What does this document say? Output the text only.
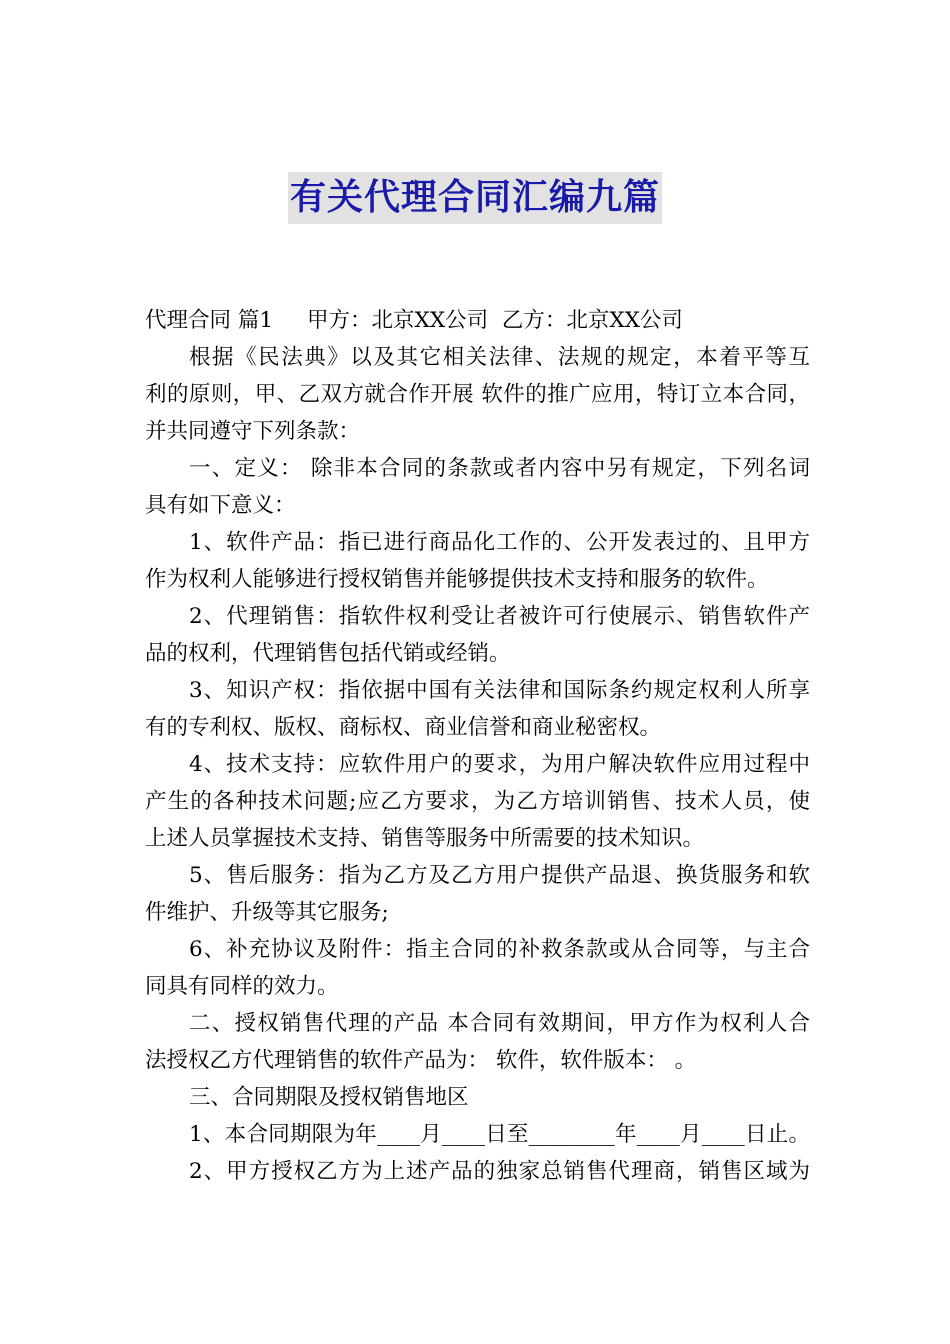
有关代理合同汇编九篇
代理合同 篇1 甲方：北京XX公司 乙方：北京XX公司
根据《民法典》以及其它相关法律、法规的规定，本着平等互
利的原则，甲、乙双方就合作开展 软件的推广应用，特订立本合同，
并共同遵守下列条款：
一、定义： 除非本合同的条款或者内容中另有规定，下列名词
具有如下意义：
1、软件产品：指已进行商品化工作的、公开发表过的、且甲方
作为权利人能够进行授权销售并能够提供技术支持和服务的软件。
2、代理销售：指软件权利受让者被许可行使展示、销售软件产
品的权利，代理销售包括代销或经销。
3、知识产权：指依据中国有关法律和国际条约规定权利人所享
有的专利权、版权、商标权、商业信誉和商业秘密权。
4、技术支持：应软件用户的要求，为用户解决软件应用过程中
产生的各种技术问题;应乙方要求，为乙方培训销售、技术人员，使
上述人员掌握技术支持、销售等服务中所需要的技术知识。
5、售后服务：指为乙方及乙方用户提供产品退、换货服务和软
件维护、升级等其它服务;
6、补充协议及附件：指主合同的补救条款或从合同等，与主合
同具有同样的效力。
二、授权销售代理的产品 本合同有效期间，甲方作为权利人合
法授权乙方代理销售的软件产品为： 软件，软件版本： 。
三、合同期限及授权销售地区
1、本合同期限为年____月____日至________年____月____日止。
2、甲方授权乙方为上述产品的独家总销售代理商，销售区域为
